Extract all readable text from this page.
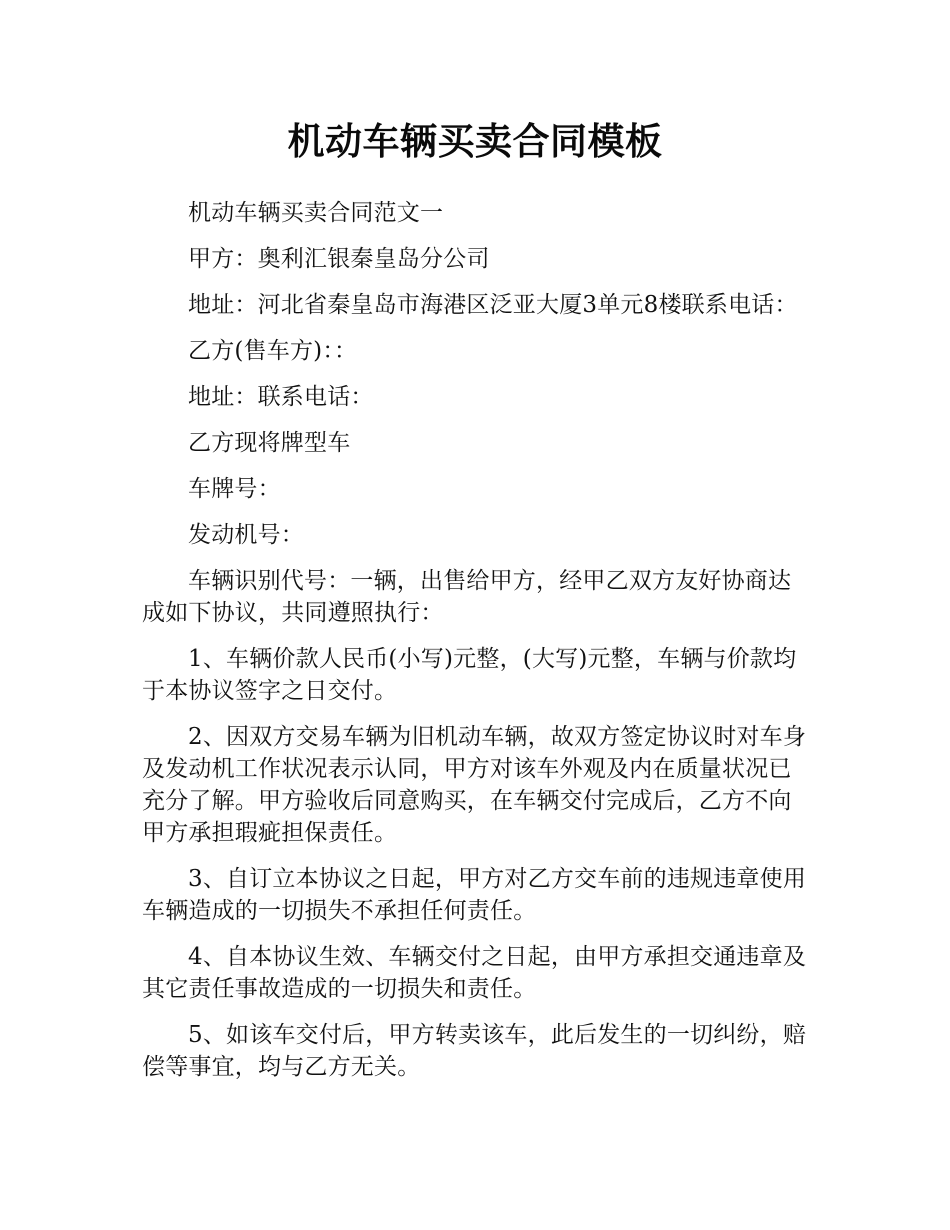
机动车辆买卖合同模板

机动车辆买卖合同范文一

甲方：奥利汇银秦皇岛分公司

地址：河北省秦皇岛市海港区泛亚大厦3单元8楼联系电话：

乙方(售车方)：：

地址：联系电话：

乙方现将牌型车

车牌号：

发动机号：

车辆识别代号：一辆，出售给甲方，经甲乙双方友好协商达成如下协议，共同遵照执行：

1、车辆价款人民币(小写)元整，(大写)元整，车辆与价款均于本协议签字之日交付。

2、因双方交易车辆为旧机动车辆，故双方签定协议时对车身及发动机工作状况表示认同，甲方对该车外观及内在质量状况已充分了解。甲方验收后同意购买，在车辆交付完成后，乙方不向甲方承担瑕疵担保责任。

3、自订立本协议之日起，甲方对乙方交车前的违规违章使用车辆造成的一切损失不承担任何责任。

4、自本协议生效、车辆交付之日起，由甲方承担交通违章及其它责任事故造成的一切损失和责任。

5、如该车交付后，甲方转卖该车，此后发生的一切纠纷，赔偿等事宜，均与乙方无关。
